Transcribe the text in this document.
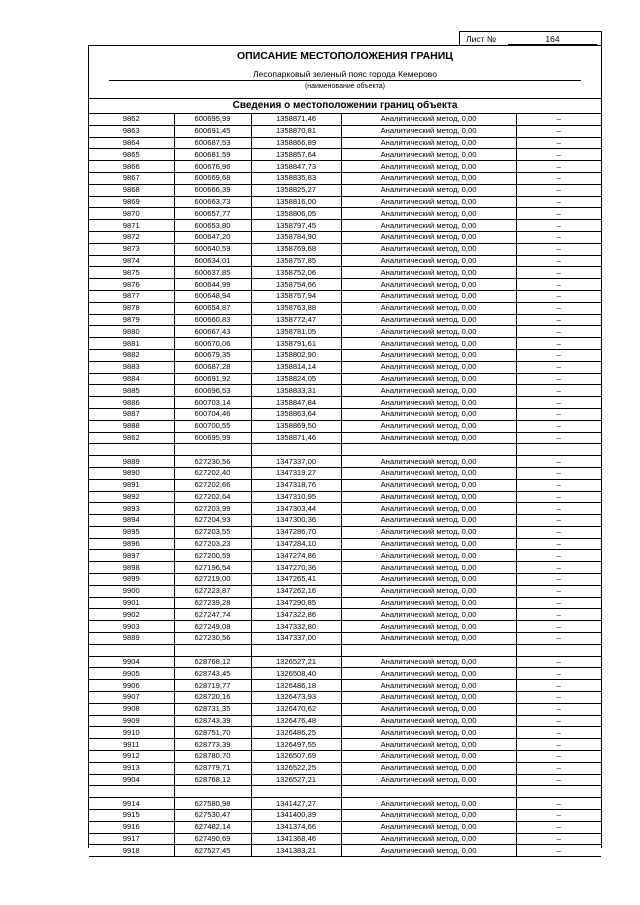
Лист №	164
ОПИСАНИЕ МЕСТОПОЛОЖЕНИЯ ГРАНИЦ
Лесопарковый зеленый пояс города Кемерово
(наименование объекта)
Сведения о местоположении границ объекта
9862	600695,99	1358871,46	Аналитический метод, 0,00	–
9863	600691,45	1358870,81	Аналитический метод, 0,00	–
9864	600687,53	1358866,89	Аналитический метод, 0,00	–
9865	600681,59	1358857,64	Аналитический метод, 0,00	–
9866	600676,96	1358847,73	Аналитический метод, 0,00	–
9867	600669,68	1358835,83	Аналитический метод, 0,00	–
9868	600666,39	1358825,27	Аналитический метод, 0,00	–
9869	600663,73	1358816,00	Аналитический метод, 0,00	–
9870	600657,77	1358806,05	Аналитический метод, 0,00	–
9871	600653,80	1358797,45	Аналитический метод, 0,00	–
9872	600647,20	1358784,90	Аналитический метод, 0,00	–
9873	600640,59	1358769,68	Аналитический метод, 0,00	–
9874	600634,01	1358757,85	Аналитический метод, 0,00	–
9875	600637,85	1358752,06	Аналитический метод, 0,00	–
9876	600644,99	1358754,66	Аналитический метод, 0,00	–
9877	600648,94	1358757,94	Аналитический метод, 0,00	–
9878	600654,87	1358763,88	Аналитический метод, 0,00	–
9879	600660,83	1358772,47	Аналитический метод, 0,00	–
9880	600667,43	1358781,05	Аналитический метод, 0,00	–
9881	600670,06	1358791,61	Аналитический метод, 0,00	–
9882	600679,35	1358802,90	Аналитический метод, 0,00	–
9883	600687,28	1358814,14	Аналитический метод, 0,00	–
9884	600691,92	1358824,05	Аналитический метод, 0,00	–
9885	600696,53	1358833,31	Аналитический метод, 0,00	–
9886	600703,14	1358847,84	Аналитический метод, 0,00	–
9887	600704,46	1358863,64	Аналитический метод, 0,00	–
9888	600700,55	1358869,50	Аналитический метод, 0,00	–
9862	600695,99	1358871,46	Аналитический метод, 0,00	–

9889	627230,56	1347337,00	Аналитический метод, 0,00	–
9890	627202,40	1347319,27	Аналитический метод, 0,00	–
9891	627202,66	1347318,76	Аналитический метод, 0,00	–
9892	627202,64	1347310,95	Аналитический метод, 0,00	–
9893	627203,99	1347303,44	Аналитический метод, 0,00	–
9894	627204,93	1347300,36	Аналитический метод, 0,00	–
9895	627203,55	1347286,70	Аналитический метод, 0,00	–
9896	627203,23	1347284,10	Аналитический метод, 0,00	–
9897	627200,59	1347274,86	Аналитический метод, 0,00	–
9898	627196,54	1347270,36	Аналитический метод, 0,00	–
9899	627219,00	1347265,41	Аналитический метод, 0,00	–
9900	627223,87	1347262,16	Аналитический метод, 0,00	–
9901	627239,28	1347290,85	Аналитический метод, 0,00	–
9902	627247,74	1347322,86	Аналитический метод, 0,00	–
9903	627249,08	1347332,80	Аналитический метод, 0,00	–
9889	627230,56	1347337,00	Аналитический метод, 0,00	–

9904	628768,12	1326527,21	Аналитический метод, 0,00	–
9905	628743,45	1326508,40	Аналитический метод, 0,00	–
9906	628719,77	1326486,18	Аналитический метод, 0,00	–
9907	628720,16	1326473,93	Аналитический метод, 0,00	–
9908	628731,35	1326470,62	Аналитический метод, 0,00	–
9909	628743,39	1326476,48	Аналитический метод, 0,00	–
9910	628751,70	1326486,25	Аналитический метод, 0,00	–
9911	628773,39	1326497,55	Аналитический метод, 0,00	–
9912	628780,70	1326507,69	Аналитический метод, 0,00	–
9913	628779,71	1326522,25	Аналитический метод, 0,00	–
9904	628768,12	1326527,21	Аналитический метод, 0,00	–

9914	627580,98	1341427,27	Аналитический метод, 0,00	–
9915	627530,47	1341400,39	Аналитический метод, 0,00	–
9916	627482,14	1341374,66	Аналитический метод, 0,00	–
9917	627490,69	1341368,46	Аналитический метод, 0,00	–
9918	627527,45	1341383,21	Аналитический метод, 0,00	–
